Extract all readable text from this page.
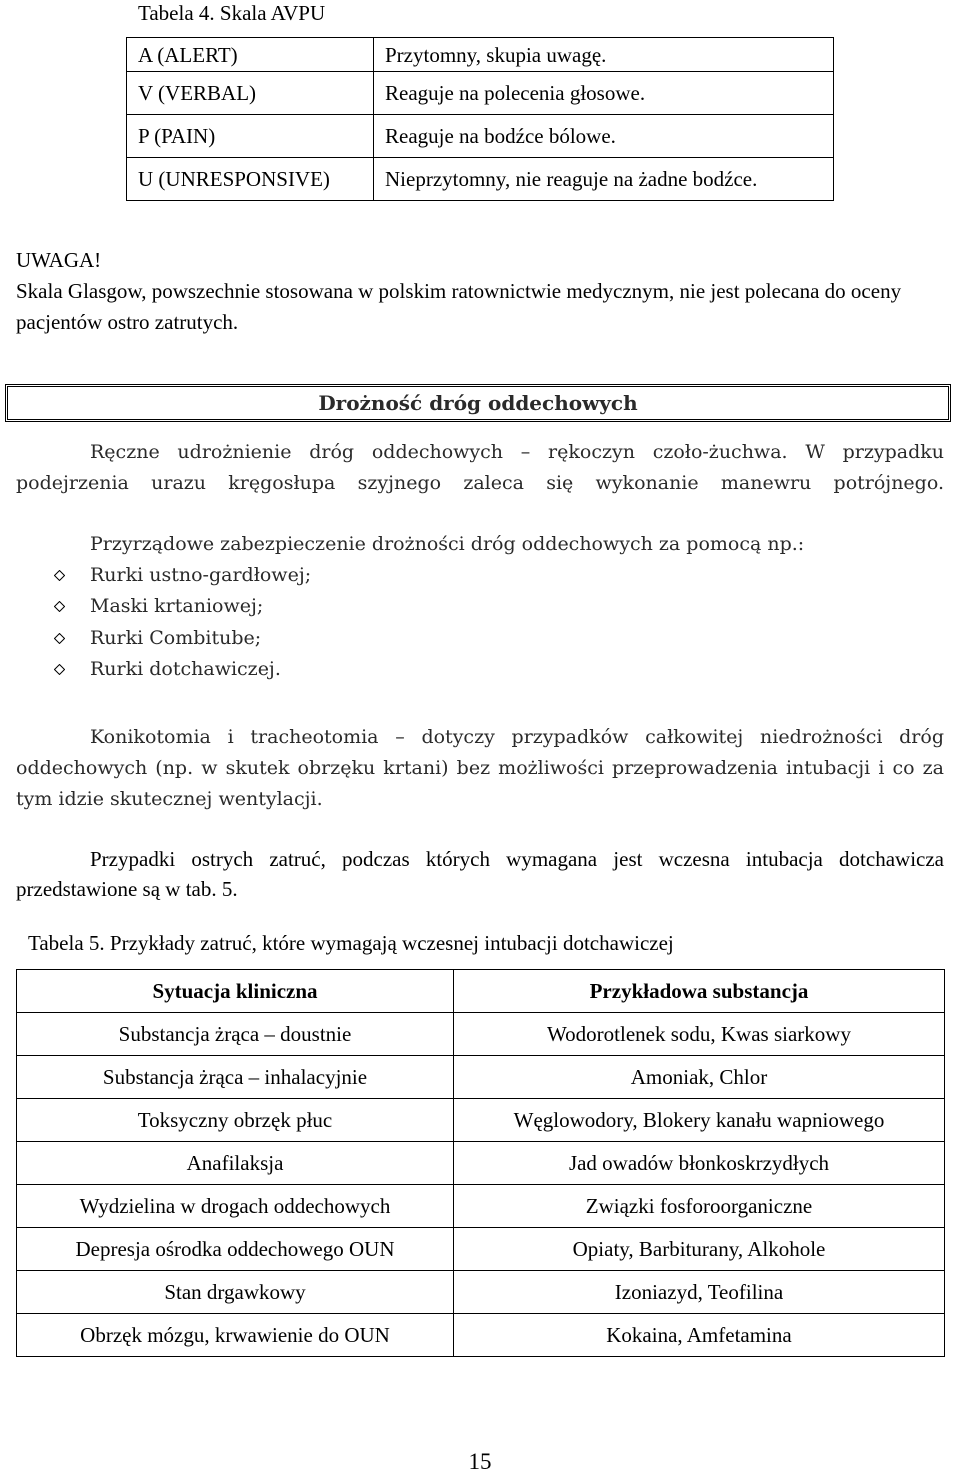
Tabela 4. Skala AVPU
A (ALERT)	Przytomny, skupia uwagę.
V (VERBAL)	Reaguje na polecenia głosowe.
P (PAIN)	Reaguje na bodźce bólowe.
U (UNRESPONSIVE)	Nieprzytomny, nie reaguje na żadne bodźce.

UWAGA!

Skala Glasgow, powszechnie stosowana w polskim ratownictwie medycznym, nie jest polecana do oceny pacjentów ostro zatrutych.

Drożność dróg oddechowych

Ręczne udrożnienie dróg oddechowych – rękoczyn czoło-żuchwa. W przypadku podejrzenia urazu kręgosłupa szyjnego zaleca się wykonanie manewru potrójnego.

Przyrządowe zabezpieczenie drożności dróg oddechowych za pomocą np.:

Rurki ustno-gardłowej;
Maski krtaniowej;
Rurki Combitube;
Rurki dotchawiczej.

Konikotomia i tracheotomia – dotyczy przypadków całkowitej niedrożności dróg oddechowych (np. w skutek obrzęku krtani) bez możliwości przeprowadzenia intubacji i co za tym idzie skutecznej wentylacji.

Przypadki ostrych zatruć, podczas których wymagana jest wczesna intubacja dotchawicza przedstawione są w tab. 5.

Tabela 5. Przykłady zatruć, które wymagają wczesnej intubacji dotchawiczej
Sytuacja kliniczna	Przykładowa substancja
Substancja żrąca – doustnie	Wodorotlenek sodu, Kwas siarkowy
Substancja żrąca – inhalacyjnie	Amoniak, Chlor
Toksyczny obrzęk płuc	Węglowodory, Blokery kanału wapniowego
Anafilaksja	Jad owadów błonkoskrzydłych
Wydzielina w drogach oddechowych	Związki fosforoorganiczne
Depresja ośrodka oddechowego OUN	Opiaty, Barbiturany, Alkohole
Stan drgawkowy	Izoniazyd, Teofilina
Obrzęk mózgu, krwawienie do OUN	Kokaina, Amfetamina
15
